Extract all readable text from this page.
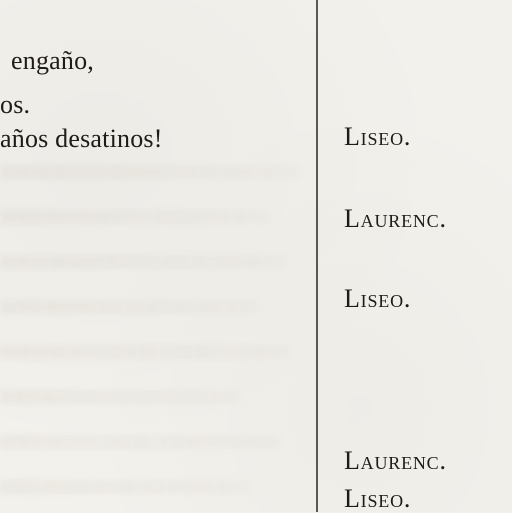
engaño,

os.

años desatinos!	Liseo.

Laurenc.

Liseo.

Laurenc.

Liseo.
